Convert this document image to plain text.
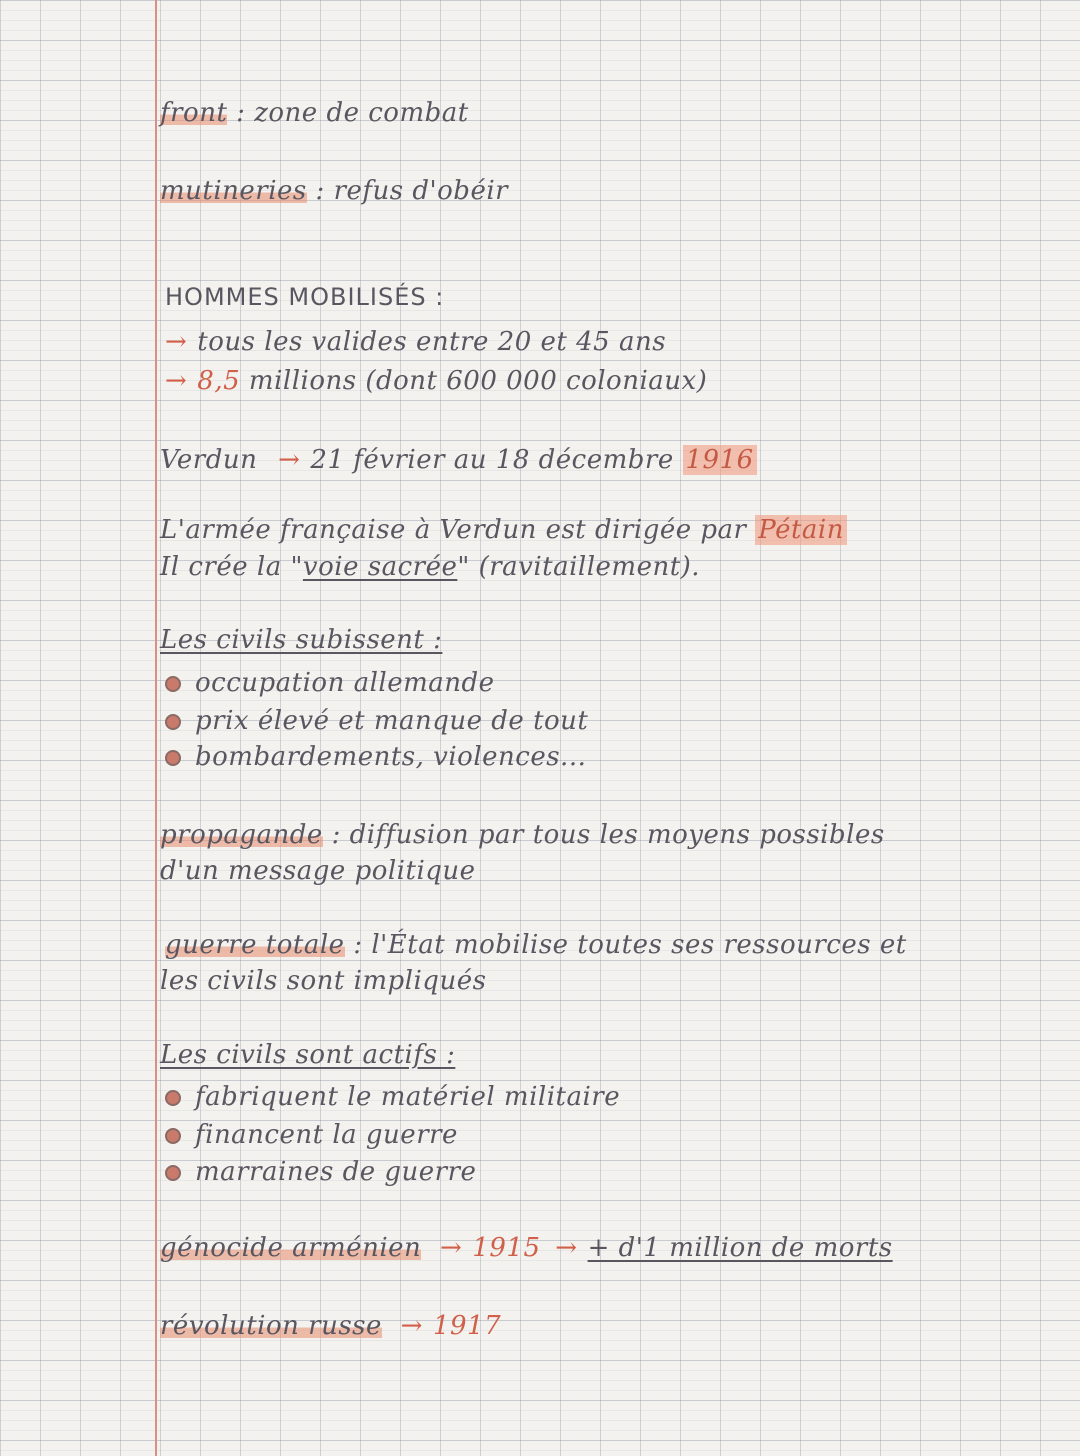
front : zone de combat

mutineries : refus d'obéir

HOMMES MOBILISÉS :

→ tous les valides entre 20 et 45 ans

→ 8,5 millions (dont 600 000 coloniaux)

Verdun → 21 février au 18 décembre 1916

L'armée française à Verdun est dirigée par Pétain

Il crée la "voie sacrée" (ravitaillement).

Les civils subissent :

occupation allemande

prix élevé et manque de tout

bombardements, violences...

propagande : diffusion par tous les moyens possibles

d'un message politique

guerre totale : l'État mobilise toutes ses ressources et

les civils sont impliqués

Les civils sont actifs :

fabriquent le matériel militaire

financent la guerre

marraines de guerre

génocide arménien → 1915 → + d'1 million de morts

révolution russe → 1917
